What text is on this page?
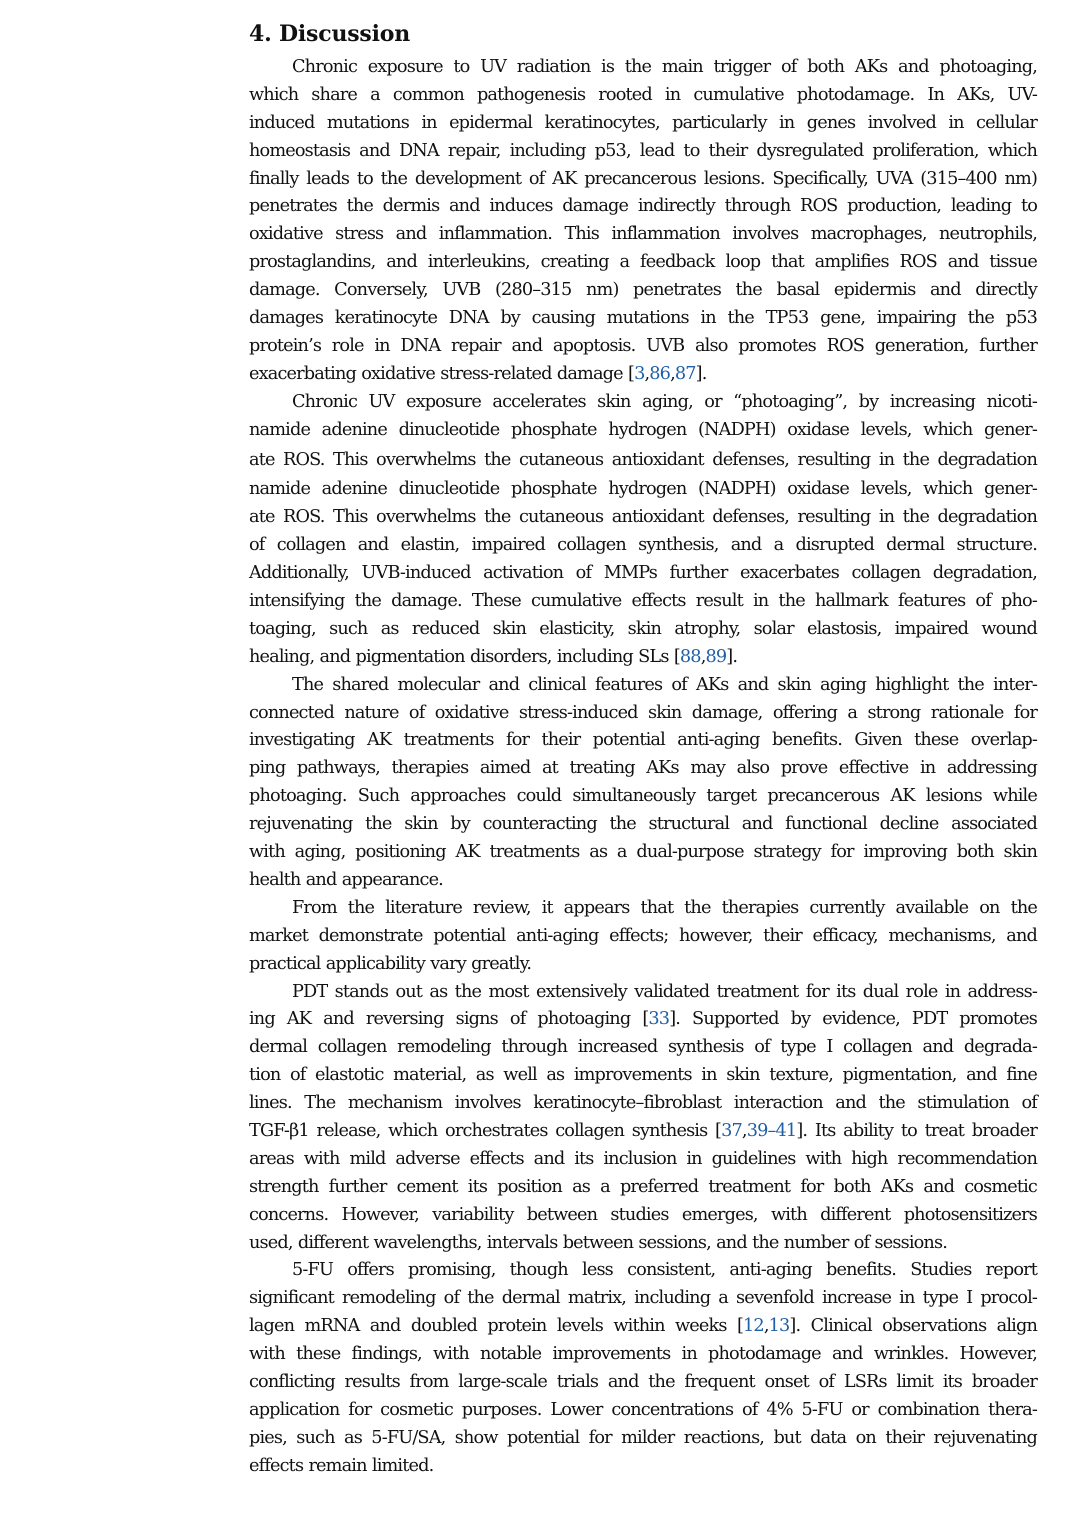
4. Discussion
Chronic exposure to UV radiation is the main trigger of both AKs and photoaging,
which share a common pathogenesis rooted in cumulative photodamage. In AKs, UV-
induced mutations in epidermal keratinocytes, particularly in genes involved in cellular
homeostasis and DNA repair, including p53, lead to their dysregulated proliferation, which
finally leads to the development of AK precancerous lesions. Specifically, UVA (315–400 nm)
penetrates the dermis and induces damage indirectly through ROS production, leading to
oxidative stress and inflammation. This inflammation involves macrophages, neutrophils,
prostaglandins, and interleukins, creating a feedback loop that amplifies ROS and tissue
damage. Conversely, UVB (280–315 nm) penetrates the basal epidermis and directly
damages keratinocyte DNA by causing mutations in the TP53 gene, impairing the p53
protein’s role in DNA repair and apoptosis. UVB also promotes ROS generation, further
exacerbating oxidative stress-related damage [3,86,87].
Chronic UV exposure accelerates skin aging, or “photoaging”, by increasing nicoti-
namide adenine dinucleotide phosphate hydrogen (NADPH) oxidase levels, which gener-
ate ROS. This overwhelms the cutaneous antioxidant defenses, resulting in the degradation
namide adenine dinucleotide phosphate hydrogen (NADPH) oxidase levels, which gener-
ate ROS. This overwhelms the cutaneous antioxidant defenses, resulting in the degradation
of collagen and elastin, impaired collagen synthesis, and a disrupted dermal structure.
Additionally, UVB-induced activation of MMPs further exacerbates collagen degradation,
intensifying the damage. These cumulative effects result in the hallmark features of pho-
toaging, such as reduced skin elasticity, skin atrophy, solar elastosis, impaired wound
healing, and pigmentation disorders, including SLs [88,89].
The shared molecular and clinical features of AKs and skin aging highlight the inter-
connected nature of oxidative stress-induced skin damage, offering a strong rationale for
investigating AK treatments for their potential anti-aging benefits. Given these overlap-
ping pathways, therapies aimed at treating AKs may also prove effective in addressing
photoaging. Such approaches could simultaneously target precancerous AK lesions while
rejuvenating the skin by counteracting the structural and functional decline associated
with aging, positioning AK treatments as a dual-purpose strategy for improving both skin
health and appearance.
From the literature review, it appears that the therapies currently available on the
market demonstrate potential anti-aging effects; however, their efficacy, mechanisms, and
practical applicability vary greatly.
PDT stands out as the most extensively validated treatment for its dual role in address-
ing AK and reversing signs of photoaging [33]. Supported by evidence, PDT promotes
dermal collagen remodeling through increased synthesis of type I collagen and degrada-
tion of elastotic material, as well as improvements in skin texture, pigmentation, and fine
lines. The mechanism involves keratinocyte–fibroblast interaction and the stimulation of
TGF-β1 release, which orchestrates collagen synthesis [37,39–41]. Its ability to treat broader
areas with mild adverse effects and its inclusion in guidelines with high recommendation
strength further cement its position as a preferred treatment for both AKs and cosmetic
concerns. However, variability between studies emerges, with different photosensitizers
used, different wavelengths, intervals between sessions, and the number of sessions.
5-FU offers promising, though less consistent, anti-aging benefits. Studies report
significant remodeling of the dermal matrix, including a sevenfold increase in type I procol-
lagen mRNA and doubled protein levels within weeks [12,13]. Clinical observations align
with these findings, with notable improvements in photodamage and wrinkles. However,
conflicting results from large-scale trials and the frequent onset of LSRs limit its broader
application for cosmetic purposes. Lower concentrations of 4% 5-FU or combination thera-
pies, such as 5-FU/SA, show potential for milder reactions, but data on their rejuvenating
effects remain limited.
